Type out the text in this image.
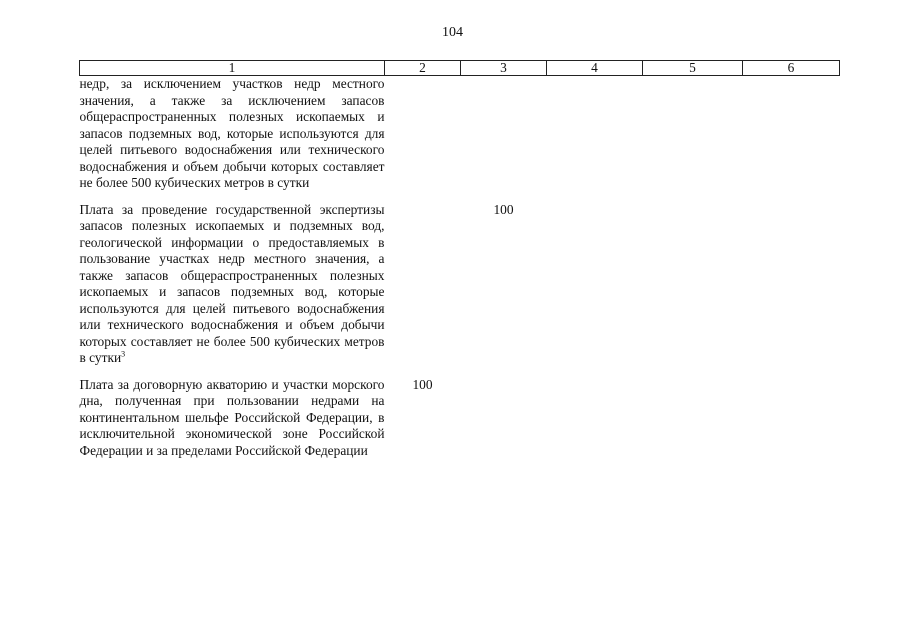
104
1	2	3	4	5	6
недр, за исключением участков недр местного значения, а также за исключением запасов общераспространенных полезных ископаемых и запасов подземных вод, которые используются для целей питьевого водоснабжения или технического водоснабжения и объем добычи которых составляет не более 500 кубических метров в сутки					

Плата за проведение государственной экспертизы запасов полезных ископаемых и подземных вод, геологической информации о предоставляемых в пользование участках недр местного значения, а также запасов общераспространенных полезных ископаемых и запасов подземных вод, которые используются для целей питьевого водоснабжения или технического водоснабжения и объем добычи которых составляет не более 500 кубических метров в сутки$^3$		100			

Плата за договорную акваторию и участки морского дна, полученная при пользовании недрами на континентальном шельфе Российской Федерации, в исключительной экономической зоне Российской Федерации и за пределами Российской Федерации	100				
